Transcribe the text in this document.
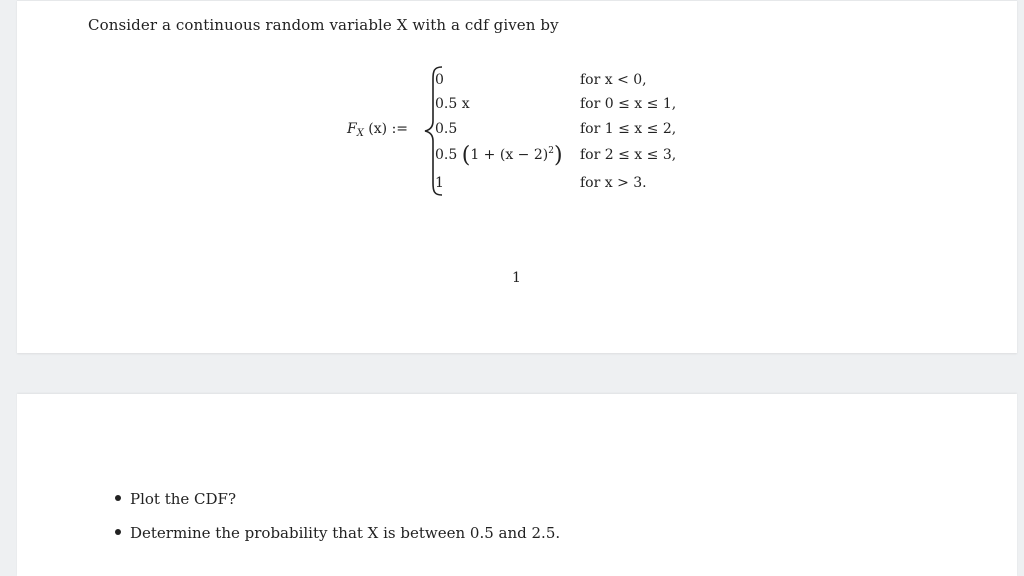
Consider a continuous random variable X with a cdf given by
$F_X$ (x) :=
0	for x < 0,
0.5 x	for 0 ≤ x ≤ 1,
0.5	for 1 ≤ x ≤ 2,
0.5 $(1 + (x - 2)^2)$ for 2 ≤ x ≤ 3,
1	for x > 3.
1
Plot the CDF?
Determine the probability that X is between 0.5 and 2.5.
